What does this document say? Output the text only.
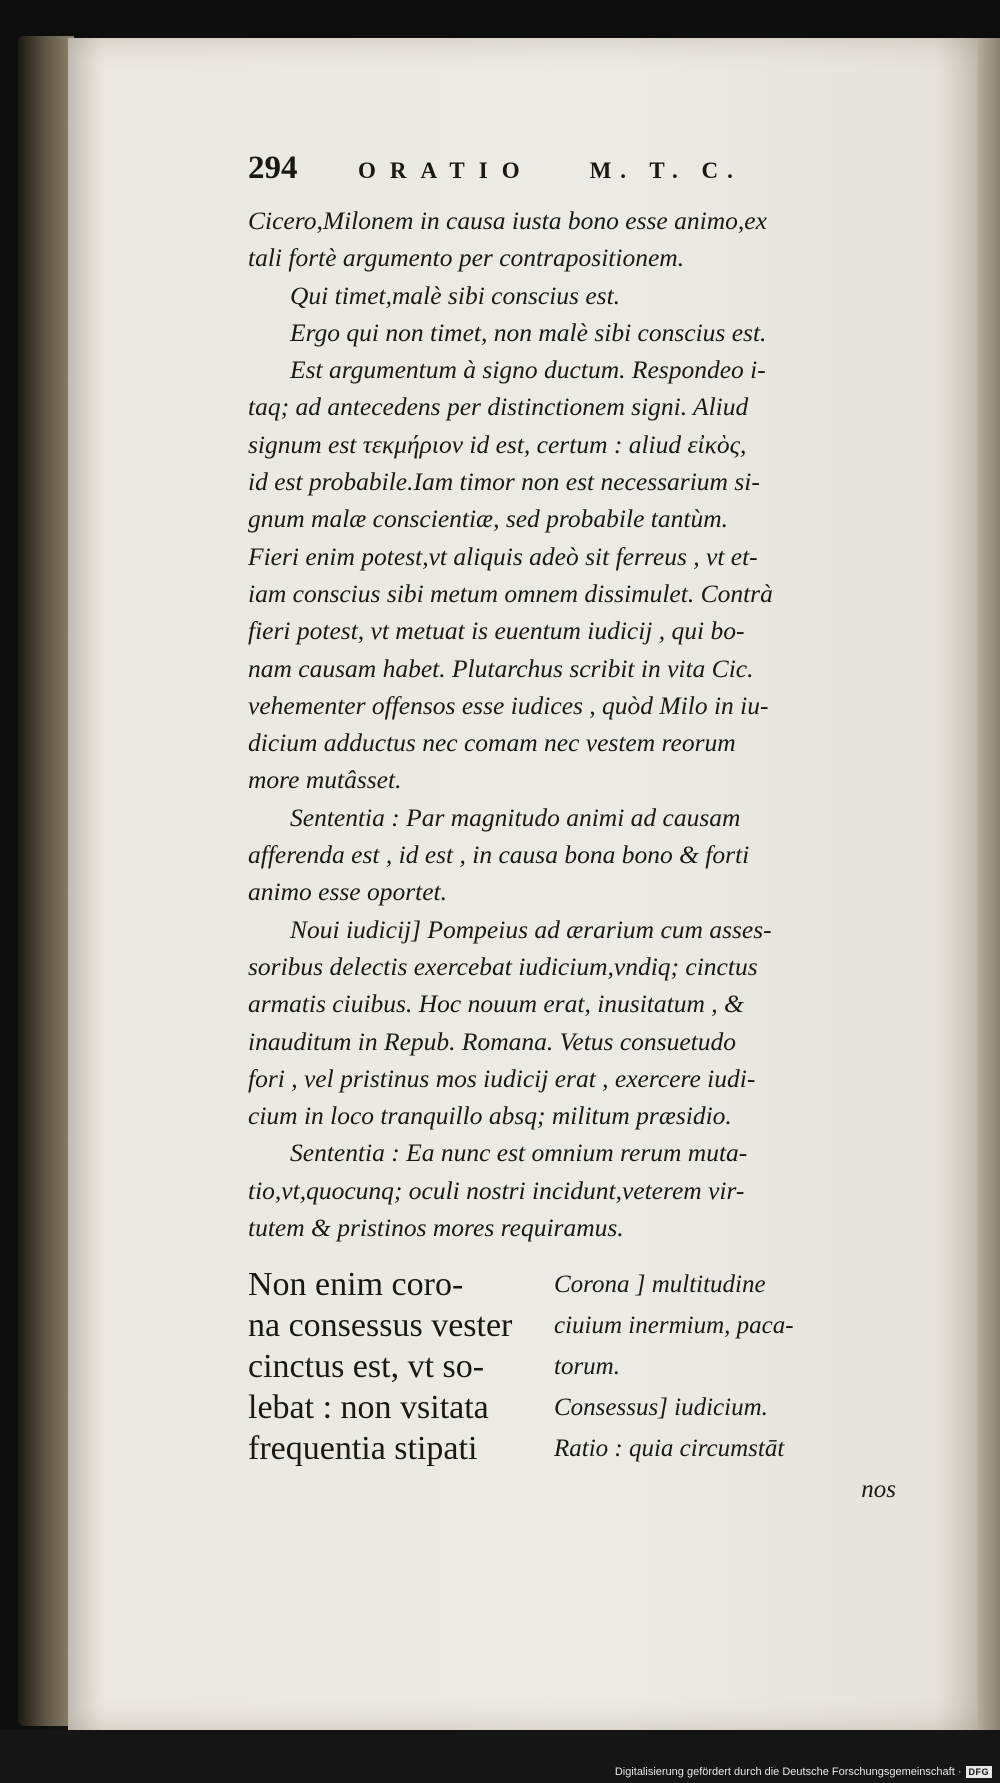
294	ORATIO M. T. C.

Cicero,Milonem in causa iusta bono esse animo,ex

tali fortè argumento per contrapositionem.

Qui timet,malè sibi conscius est.

Ergo qui non timet, non malè sibi conscius est.

Est argumentum à signo ductum. Respondeo i-

taq; ad antecedens per distinctionem signi. Aliud

signum est τεκμήριον id est, certum : aliud εἰκὸς,

id est probabile.Iam timor non est necessarium si-

gnum malæ conscientiæ, sed probabile tantùm.

Fieri enim potest,vt aliquis adeò sit ferreus , vt et-

iam conscius sibi metum omnem dissimulet. Contrà

fieri potest, vt metuat is euentum iudicij , qui bo-

nam causam habet. Plutarchus scribit in vita Cic.

vehementer offensos esse iudices , quòd Milo in iu-

dicium adductus nec comam nec vestem reorum

more mutâsset.

Sententia : Par magnitudo animi ad causam

afferenda est , id est , in causa bona bono & forti

animo esse oportet.

Noui iudicij] Pompeius ad ærarium cum asses-

soribus delectis exercebat iudicium,vndiq; cinctus

armatis ciuibus. Hoc nouum erat, inusitatum , &

inauditum in Repub. Romana. Vetus consuetudo

fori , vel pristinus mos iudicij erat , exercere iudi-

cium in loco tranquillo absq; militum præsidio.

Sententia : Ea nunc est omnium rerum muta-

tio,vt,quocunq; oculi nostri incidunt,veterem vir-

tutem & pristinos mores requiramus.

Non enim coro-
na consessus vester
cinctus est, vt so-
lebat : non vsitata
frequentia stipati
Corona ] multitudine
ciuium inermium, paca-
torum.
Consessus] iudicium.
Ratio : quia circumstāt
nos
Digitalisierung gefördert durch die Deutsche Forschungsgemeinschaft · DFG
